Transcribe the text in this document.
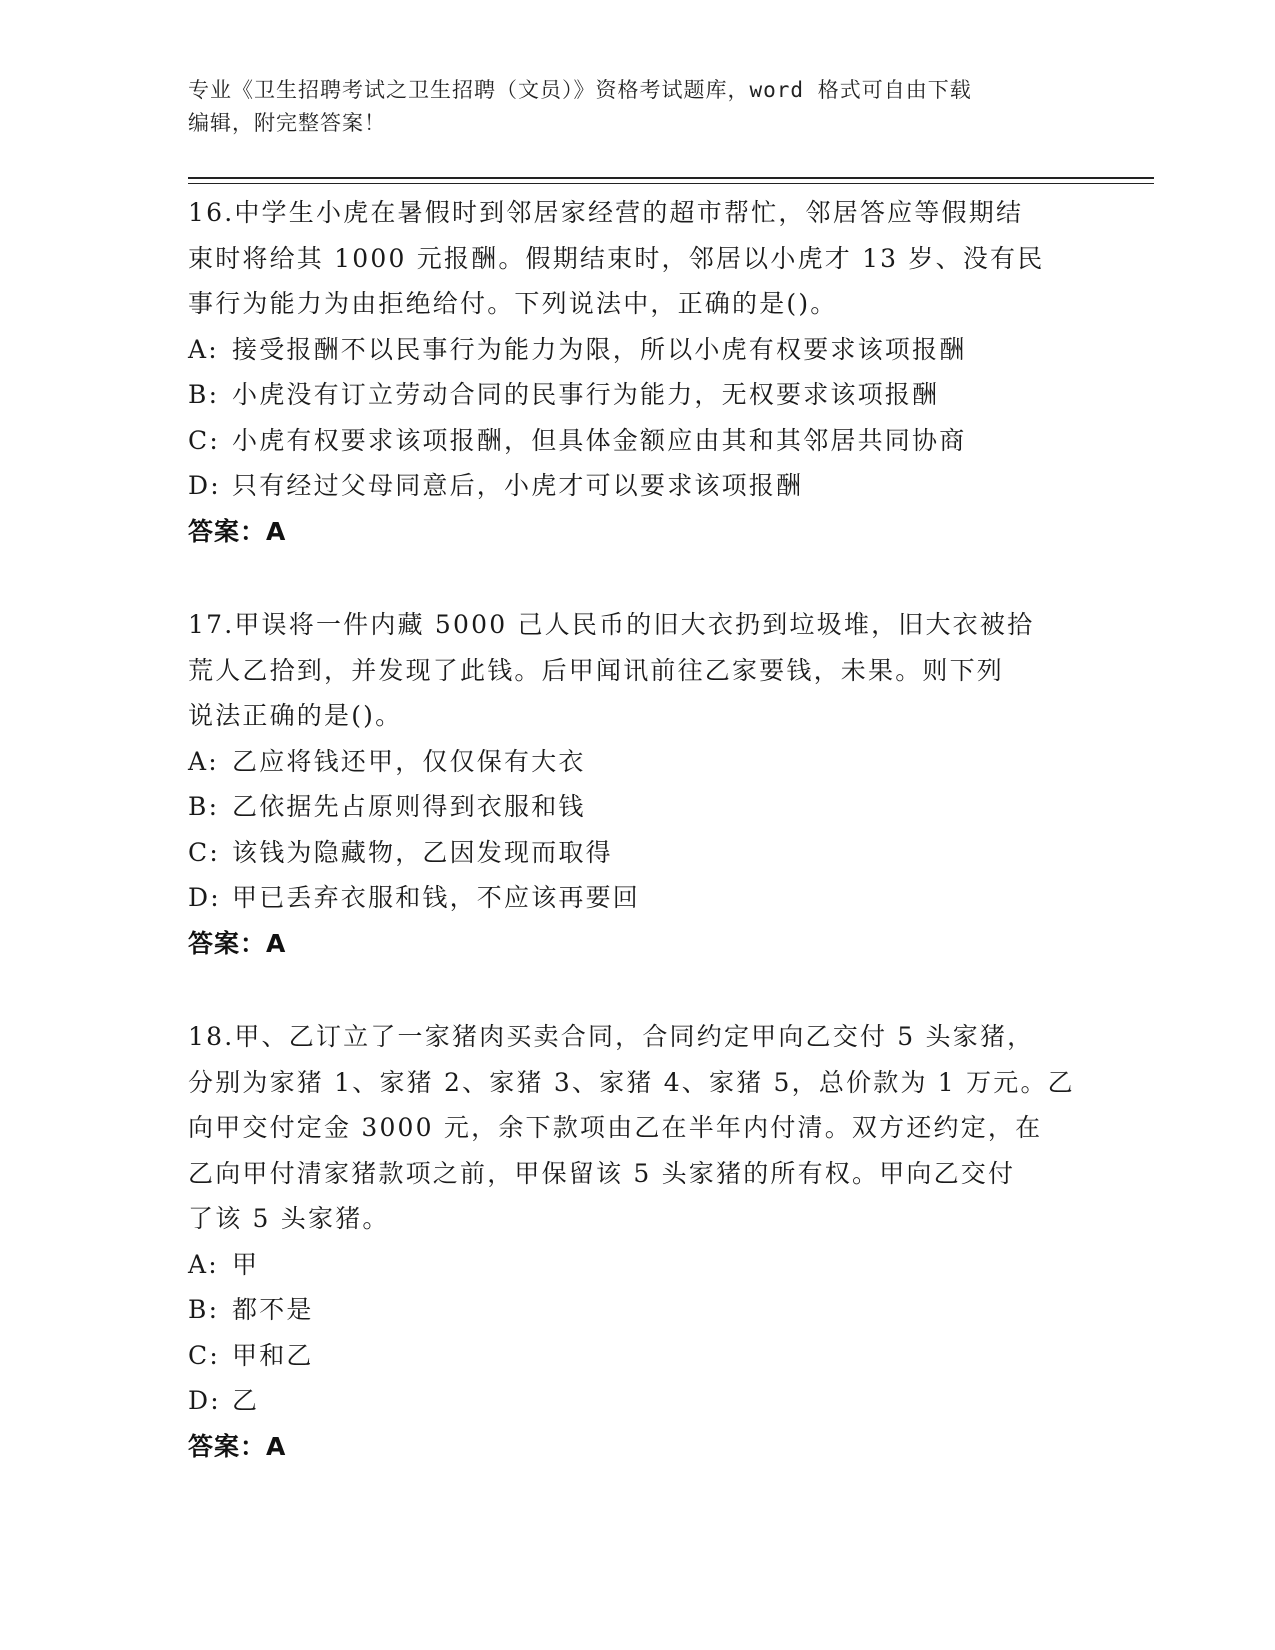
专业《卫生招聘考试之卫生招聘（文员）》资格考试题库，word 格式可自由下载
编辑，附完整答案！
16.中学生小虎在暑假时到邻居家经营的超市帮忙，邻居答应等假期结
束时将给其 1000 元报酬。假期结束时，邻居以小虎才 13 岁、没有民
事行为能力为由拒绝给付。下列说法中，正确的是()。
A: 接受报酬不以民事行为能力为限，所以小虎有权要求该项报酬
B: 小虎没有订立劳动合同的民事行为能力，无权要求该项报酬
C: 小虎有权要求该项报酬，但具体金额应由其和其邻居共同协商
D: 只有经过父母同意后，小虎才可以要求该项报酬
答案：A
17.甲误将一件内藏 5000 己人民币的旧大衣扔到垃圾堆，旧大衣被拾
荒人乙拾到，并发现了此钱。后甲闻讯前往乙家要钱，未果。则下列
说法正确的是()。
A: 乙应将钱还甲，仅仅保有大衣
B: 乙依据先占原则得到衣服和钱
C: 该钱为隐藏物，乙因发现而取得
D: 甲已丢弃衣服和钱，不应该再要回
答案：A
18.甲、乙订立了一家猪肉买卖合同，合同约定甲向乙交付 5 头家猪，
分别为家猪 1、家猪 2、家猪 3、家猪 4、家猪 5，总价款为 1 万元。乙
向甲交付定金 3000 元，余下款项由乙在半年内付清。双方还约定，在
乙向甲付清家猪款项之前，甲保留该 5 头家猪的所有权。甲向乙交付
了该 5 头家猪。
A: 甲
B: 都不是
C: 甲和乙
D: 乙
答案：A
